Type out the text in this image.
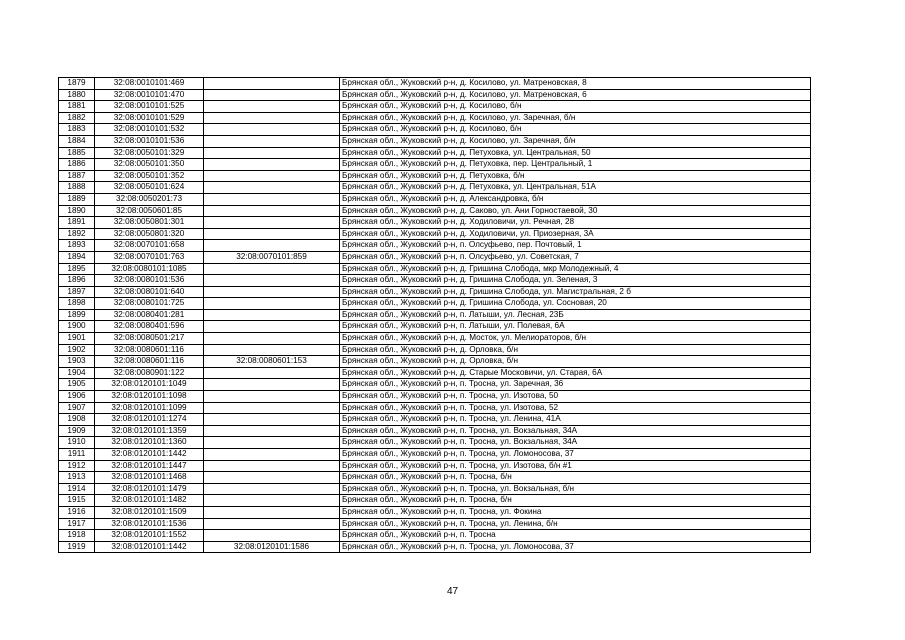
1879	32:08:0010101:469		Брянская обл., Жуковский р-н, д. Косилово, ул. Матреновская, 8
1880	32:08:0010101:470		Брянская обл., Жуковский р-н, д. Косилово, ул. Матреновская, 6
1881	32:08:0010101:525		Брянская обл., Жуковский р-н, д. Косилово, б/н
1882	32:08:0010101:529		Брянская обл., Жуковский р-н, д. Косилово, ул. Заречная, б/н
1883	32:08:0010101:532		Брянская обл., Жуковский р-н, д. Косилово, б/н
1884	32:08:0010101:536		Брянская обл., Жуковский р-н, д. Косилово, ул. Заречная, б/н
1885	32:08:0050101:329		Брянская обл., Жуковский р-н, д. Петуховка, ул. Центральная, 50
1886	32:08:0050101:350		Брянская обл., Жуковский р-н, д. Петуховка, пер. Центральный, 1
1887	32:08:0050101:352		Брянская обл., Жуковский р-н, д. Петуховка, б/н
1888	32:08:0050101:624		Брянская обл., Жуковский р-н, д. Петуховка, ул. Центральная, 51А
1889	32:08:0050201:73		Брянская обл., Жуковский р-н, д. Александровка, б/н
1890	32:08:0050601:85		Брянская обл., Жуковский р-н, д. Саково, ул. Ани Горностаевой, 30
1891	32:08:0050801:301		Брянская обл., Жуковский р-н, д. Ходиловичи, ул. Речная, 28
1892	32:08:0050801:320		Брянская обл., Жуковский р-н, д. Ходиловичи, ул. Приозерная, 3А
1893	32:08:0070101:658		Брянская обл., Жуковский р-н, п. Олсуфьево, пер. Почтовый, 1
1894	32:08:0070101:763	32:08:0070101:859	Брянская обл., Жуковский р-н, п. Олсуфьево, ул. Советская, 7
1895	32:08:0080101:1085		Брянская обл., Жуковский р-н, д. Гришина Слобода, мкр Молодежный, 4
1896	32:08:0080101:536		Брянская обл., Жуковский р-н, д. Гришина Слобода, ул. Зеленая, 3
1897	32:08:0080101:640		Брянская обл., Жуковский р-н, д. Гришина Слобода, ул. Магистральная, 2 б
1898	32:08:0080101:725		Брянская обл., Жуковский р-н, д. Гришина Слобода, ул. Сосновая, 20
1899	32:08:0080401:281		Брянская обл., Жуковский р-н, п. Латыши, ул. Лесная, 23Б
1900	32:08:0080401:596		Брянская обл., Жуковский р-н, п. Латыши, ул. Полевая, 6А
1901	32:08:0080501:217		Брянская обл., Жуковский р-н, д. Мосток, ул. Мелиораторов, б/н
1902	32:08:0080601:116		Брянская обл., Жуковский р-н, д. Орловка, б/н
1903	32:08:0080601:116	32:08:0080601:153	Брянская обл., Жуковский р-н, д. Орловка, б/н
1904	32:08:0080901:122		Брянская обл., Жуковский р-н, д. Старые Московичи, ул. Старая, 6А
1905	32:08:0120101:1049		Брянская обл., Жуковский р-н, п. Тросна, ул. Заречная, 36
1906	32:08:0120101:1098		Брянская обл., Жуковский р-н, п. Тросна, ул. Изотова, 50
1907	32:08:0120101:1099		Брянская обл., Жуковский р-н, п. Тросна, ул. Изотова, 52
1908	32:08:0120101:1274		Брянская обл., Жуковский р-н, п. Тросна, ул. Ленина, 41А
1909	32:08:0120101:1359		Брянская обл., Жуковский р-н, п. Тросна, ул. Вокзальная, 34А
1910	32:08:0120101:1360		Брянская обл., Жуковский р-н, п. Тросна, ул. Вокзальная, 34А
1911	32:08:0120101:1442		Брянская обл., Жуковский р-н, п. Тросна, ул. Ломоносова, 37
1912	32:08:0120101:1447		Брянская обл., Жуковский р-н, п. Тросна, ул. Изотова, б/н #1
1913	32:08:0120101:1468		Брянская обл., Жуковский р-н, п. Тросна, б/н
1914	32:08:0120101:1479		Брянская обл., Жуковский р-н, п. Тросна, ул. Вокзальная, б/н
1915	32:08:0120101:1482		Брянская обл., Жуковский р-н, п. Тросна, б/н
1916	32:08:0120101:1509		Брянская обл., Жуковский р-н, п. Тросна, ул. Фокина
1917	32:08:0120101:1536		Брянская обл., Жуковский р-н, п. Тросна, ул. Ленина, б/н
1918	32:08:0120101:1552		Брянская обл., Жуковский р-н, п. Тросна
1919	32:08:0120101:1442	32:08:0120101:1586	Брянская обл., Жуковский р-н, п. Тросна, ул. Ломоносова, 37
47
